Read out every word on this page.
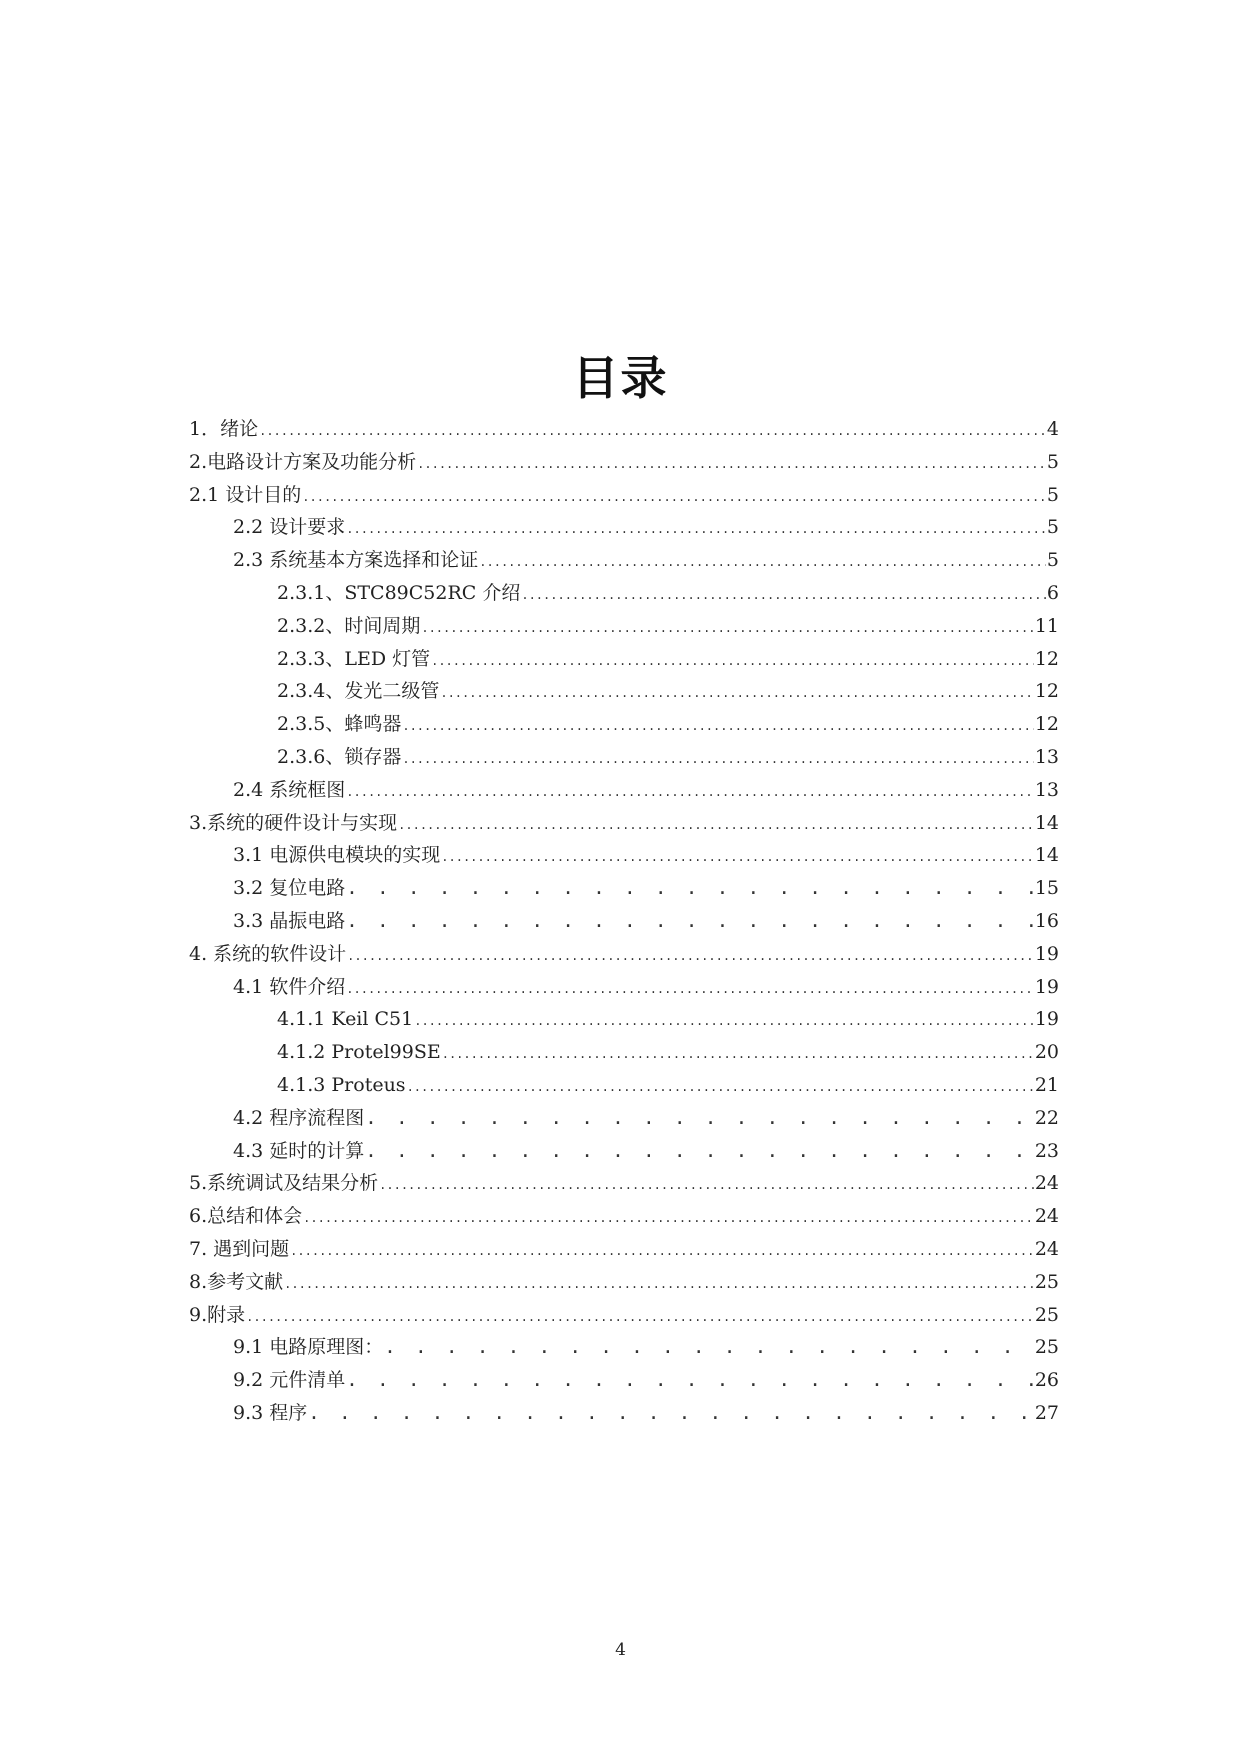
目录
1．绪论 .....	4
2.电路设计方案及功能分析 .....	5
2.1 设计目的 .....	5
2.2 设计要求 .....	5
2.3 系统基本方案选择和论证 .....	5
2.3.1、STC89C52RC 介绍 .....	6
2.3.2、时间周期 .....	11
2.3.3、LED 灯管 .....	12
2.3.4、发光二级管 .....	12
2.3.5、蜂鸣器 .....	12
2.3.6、锁存器 .....	13
2.4 系统框图 .....	13
3.系统的硬件设计与实现 .....	14
3.1 电源供电模块的实现 .....	14
3.2 复位电路 . . .	15
3.3 晶振电路 . . .	16
4. 系统的软件设计 .....	19
4.1 软件介绍 .....	19
4.1.1 Keil C51 .....	19
4.1.2 Protel99SE .....	20
4.1.3 Proteus .....	21
4.2 程序流程图 . . .	22
4.3 延时的计算 . . .	23
5.系统调试及结果分析 .....	24
6.总结和体会 .....	24
7. 遇到问题 .....	24
8.参考文献 .....	25
9.附录 .....	25
9.1 电路原理图： . . .	25
9.2 元件清单 . . .	26
9.3 程序 . . .	27
4
